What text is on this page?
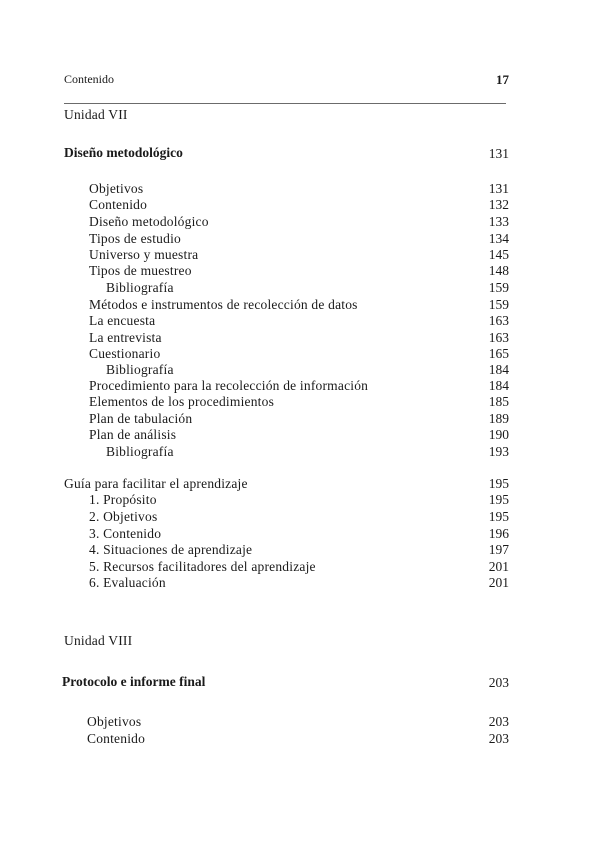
Contenido	17
Unidad VII
Diseño metodológico	131
Objetivos	131
Contenido	132
Diseño metodológico	133
Tipos de estudio	134
Universo y muestra	145
Tipos de muestreo	148
Bibliografía	159
Métodos e instrumentos de recolección de datos	159
La encuesta	163
La entrevista	163
Cuestionario	165
Bibliografía	184
Procedimiento para la recolección de información	184
Elementos de los procedimientos	185
Plan de tabulación	189
Plan de análisis	190
Bibliografía	193
Guía para facilitar el aprendizaje	195
1. Propósito	195
2. Objetivos	195
3. Contenido	196
4. Situaciones de aprendizaje	197
5. Recursos facilitadores del aprendizaje	201
6. Evaluación	201
Unidad VIII
Protocolo e informe final	203
Objetivos	203
Contenido	203
